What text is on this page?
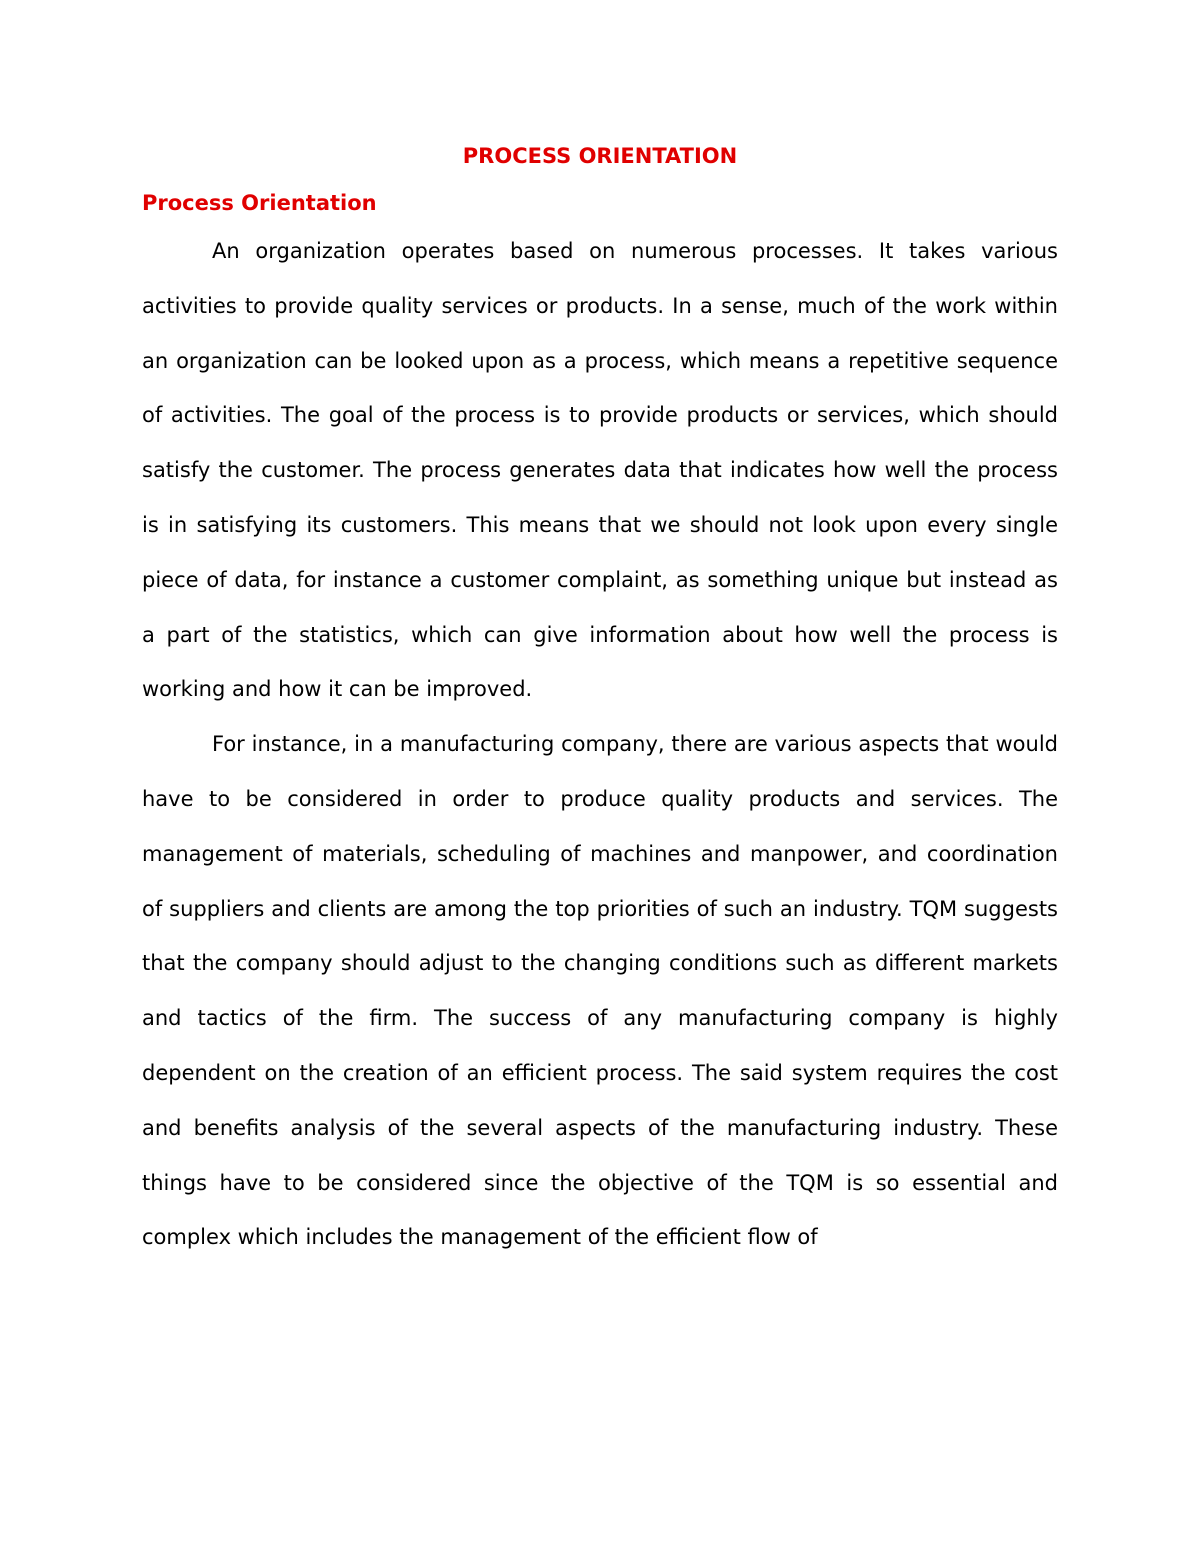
PROCESS ORIENTATION
Process Orientation

An organization operates based on numerous processes. It takes various activities to provide quality services or products. In a sense, much of the work within an organization can be looked upon as a process, which means a repetitive sequence of activities. The goal of the process is to provide products or services, which should satisfy the customer. The process generates data that indicates how well the process is in satisfying its customers. This means that we should not look upon every single piece of data, for instance a customer complaint, as something unique but instead as a part of the statistics, which can give information about how well the process is working and how it can be improved.

For instance, in a manufacturing company, there are various aspects that would have to be considered in order to produce quality products and services. The management of materials, scheduling of machines and manpower, and coordination of suppliers and clients are among the top priorities of such an industry. TQM suggests that the company should adjust to the changing conditions such as different markets and tactics of the firm. The success of any manufacturing company is highly dependent on the creation of an efficient process. The said system requires the cost and benefits analysis of the several aspects of the manufacturing industry. These things have to be considered since the objective of the TQM is so essential and complex which includes the management of the efficient flow of
